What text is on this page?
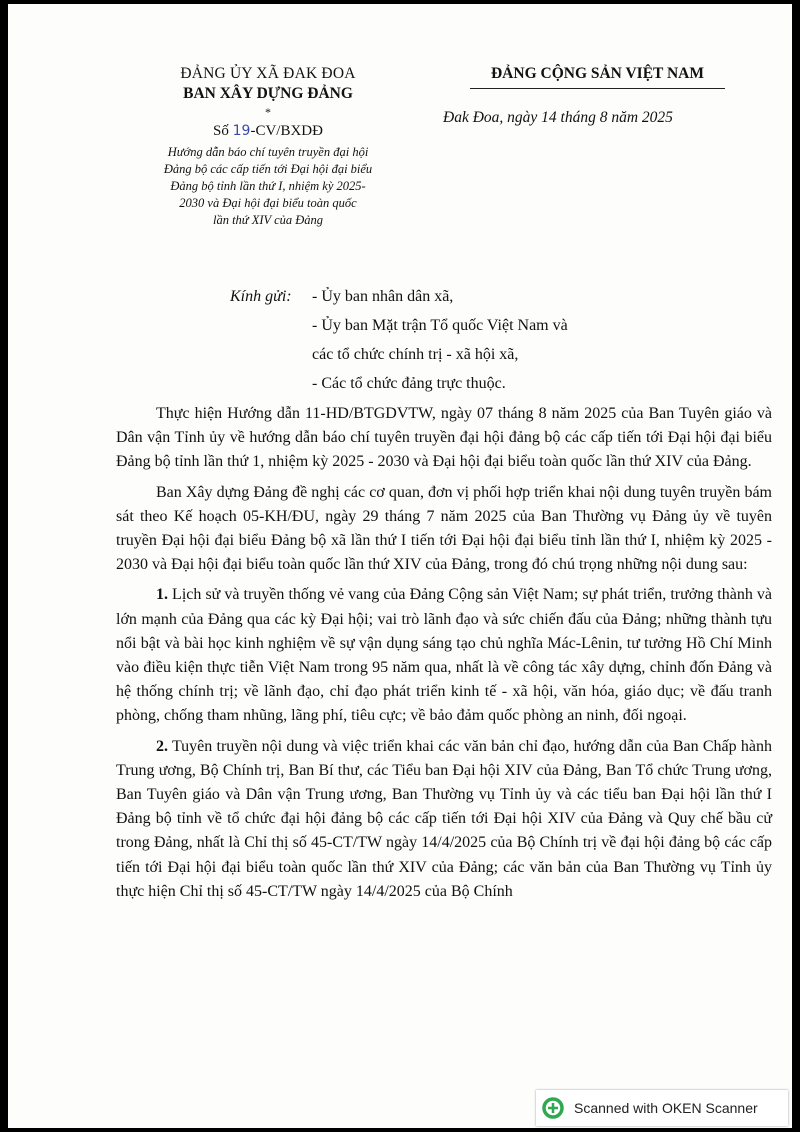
ĐẢNG ỦY XÃ ĐAK ĐOA
BAN XÂY DỰNG ĐẢNG
*
Số 19-CV/BXDĐ
Hướng dẫn báo chí tuyên truyền đại hội
Đảng bộ các cấp tiến tới Đại hội đại biểu
Đảng bộ tỉnh lần thứ I, nhiệm kỳ 2025-
2030 và Đại hội đại biểu toàn quốc
lần thứ XIV của Đảng
ĐẢNG CỘNG SẢN VIỆT NAM
Đak Đoa, ngày 14 tháng 8 năm 2025
Kính gửi:	- Ủy ban nhân dân xã,
- Ủy ban Mặt trận Tổ quốc Việt Nam và
các tổ chức chính trị - xã hội xã,
- Các tổ chức đảng trực thuộc.

Thực hiện Hướng dẫn 11-HD/BTGDVTW, ngày 07 tháng 8 năm 2025 của Ban Tuyên giáo và Dân vận Tỉnh ủy về hướng dẫn báo chí tuyên truyền đại hội đảng bộ các cấp tiến tới Đại hội đại biểu Đảng bộ tỉnh lần thứ 1, nhiệm kỳ 2025 - 2030 và Đại hội đại biểu toàn quốc lần thứ XIV của Đảng.

Ban Xây dựng Đảng đề nghị các cơ quan, đơn vị phối hợp triển khai nội dung tuyên truyền bám sát theo Kế hoạch 05-KH/ĐU, ngày 29 tháng 7 năm 2025 của Ban Thường vụ Đảng ủy về tuyên truyền Đại hội đại biểu Đảng bộ xã lần thứ I tiến tới Đại hội đại biểu tỉnh lần thứ I, nhiệm kỳ 2025 - 2030 và Đại hội đại biểu toàn quốc lần thứ XIV của Đảng, trong đó chú trọng những nội dung sau:

1. Lịch sử và truyền thống vẻ vang của Đảng Cộng sản Việt Nam; sự phát triển, trưởng thành và lớn mạnh của Đảng qua các kỳ Đại hội; vai trò lãnh đạo và sức chiến đấu của Đảng; những thành tựu nổi bật và bài học kinh nghiệm về sự vận dụng sáng tạo chủ nghĩa Mác-Lênin, tư tưởng Hồ Chí Minh vào điều kiện thực tiễn Việt Nam trong 95 năm qua, nhất là về công tác xây dựng, chỉnh đốn Đảng và hệ thống chính trị; về lãnh đạo, chỉ đạo phát triển kinh tế - xã hội, văn hóa, giáo dục; về đấu tranh phòng, chống tham nhũng, lãng phí, tiêu cực; về bảo đảm quốc phòng an ninh, đối ngoại.

2. Tuyên truyền nội dung và việc triển khai các văn bản chỉ đạo, hướng dẫn của Ban Chấp hành Trung ương, Bộ Chính trị, Ban Bí thư, các Tiểu ban Đại hội XIV của Đảng, Ban Tổ chức Trung ương, Ban Tuyên giáo và Dân vận Trung ương, Ban Thường vụ Tỉnh ủy và các tiểu ban Đại hội lần thứ I Đảng bộ tỉnh về tổ chức đại hội đảng bộ các cấp tiến tới Đại hội XIV của Đảng và Quy chế bầu cử trong Đảng, nhất là Chỉ thị số 45-CT/TW ngày 14/4/2025 của Bộ Chính trị về đại hội đảng bộ các cấp tiến tới Đại hội đại biểu toàn quốc lần thứ XIV của Đảng; các văn bản của Ban Thường vụ Tỉnh ủy thực hiện Chỉ thị số 45-CT/TW ngày 14/4/2025 của Bộ Chính

Scanned with OKEN Scanner
